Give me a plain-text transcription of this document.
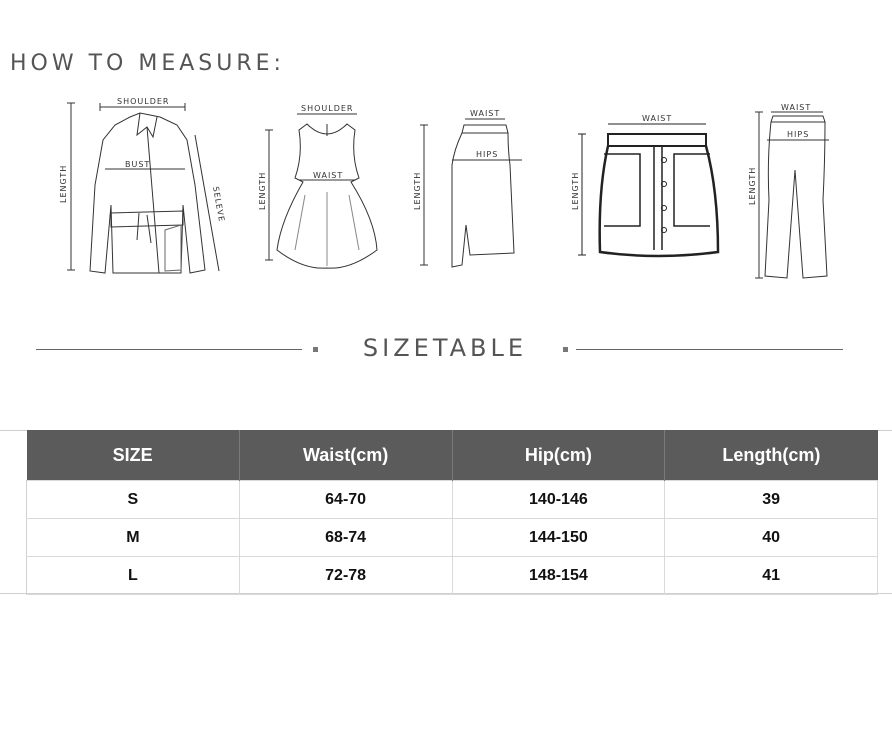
HOW TO MEASURE:
SHOULDER
BUST
LENGTH
SELEVE
SHOULDER
WAIST
LENGTH
WAIST
HIPS
LENGTH
WAIST
LENGTH
WAIST
HIPS
LENGTH
SIZETABLE
SIZE	Waist(cm)	Hip(cm)	Length(cm)
S	64-70	140-146	39
M	68-74	144-150	40
L	72-78	148-154	41
